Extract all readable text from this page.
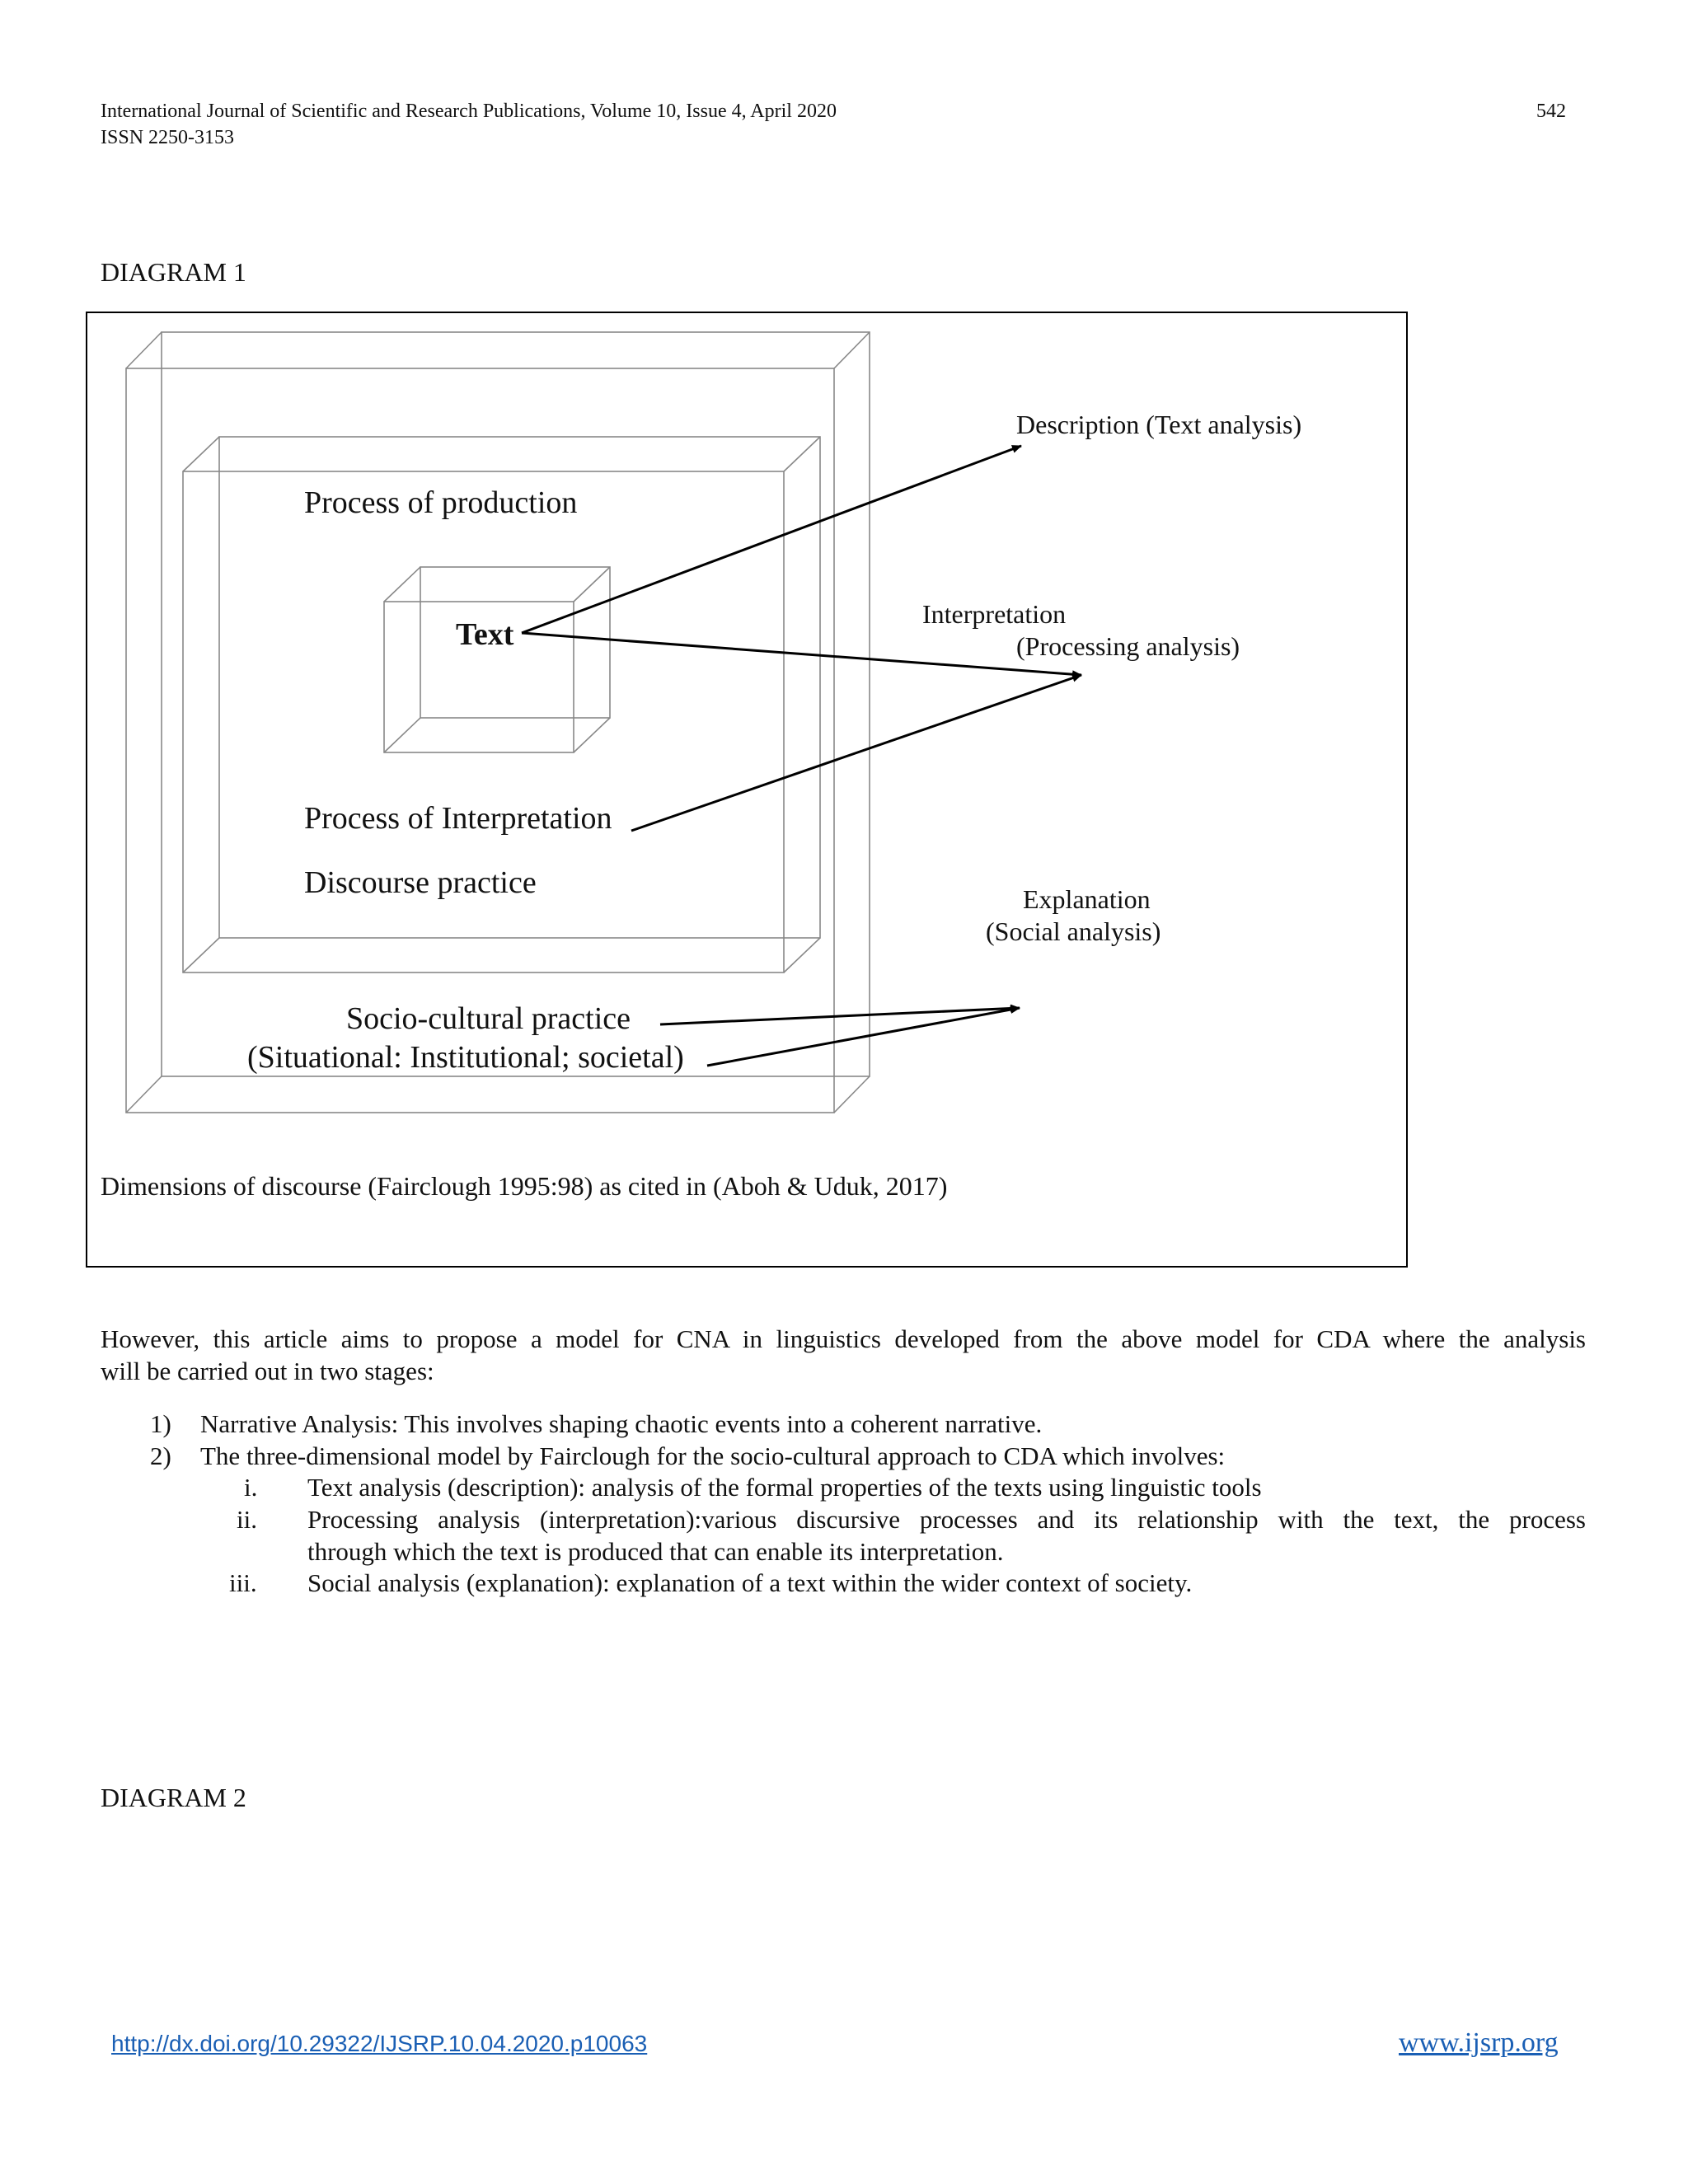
International Journal of Scientific and Research Publications, Volume 10, Issue 4, April 2020
ISSN 2250-3153
542
DIAGRAM 1
Process of production
Text
Process of Interpretation
Discourse practice
Socio-cultural practice
(Situational: Institutional; societal)
Description (Text analysis)
Interpretation
(Processing analysis)
Explanation
(Social analysis)
Dimensions of discourse (Fairclough 1995:98) as cited in (Aboh & Uduk, 2017)
However, this article aims to propose a model for CNA in linguistics developed from the above model for CDA where the analysis
will be carried out in two stages:
1) Narrative Analysis: This involves shaping chaotic events into a coherent narrative.
2) The three-dimensional model by Fairclough for the socio-cultural approach to CDA which involves:
i. Text analysis (description): analysis of the formal properties of the texts using linguistic tools
ii. Processing analysis (interpretation):various discursive processes and its relationship with the text, the process
through which the text is produced that can enable its interpretation.
iii. Social analysis (explanation): explanation of a text within the wider context of society.
DIAGRAM 2
http://dx.doi.org/10.29322/IJSRP.10.04.2020.p10063	www.ijsrp.org
